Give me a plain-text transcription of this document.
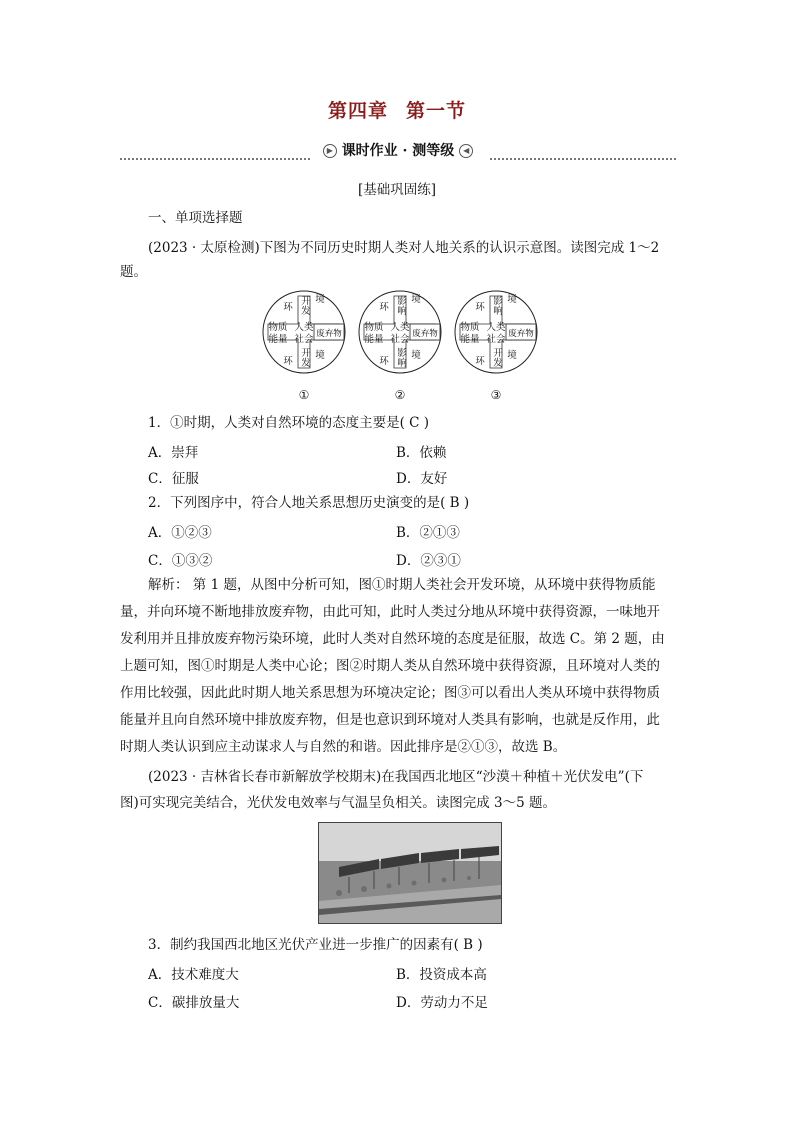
第四章 第一节
▶ 课时作业 · 测等级 ◀
[基础巩固练]
一、单项选择题
(2023 · 太原检测)下图为不同历史时期人类对人地关系的认识示意图。读图完成 1～2
题。
开
发
环
境
开
发
环
境
物质
能量
人类
社会 废弃物
①
影
响
环
境
影
响
环
境
物质
能量
人类
社会 废弃物
②
影
响
环
境
开
发
环
境
物质
能量
人类
社会 废弃物
③
1．①时期，人类对自然环境的态度主要是( C )
A．崇拜	B．依赖
C．征服	D．友好
2．下列图序中，符合人地关系思想历史演变的是( B )
A．①②③	B．②①③
C．①③②	D．②③①
解析： 第 1 题，从图中分析可知，图①时期人类社会开发环境，从环境中获得物质能
量，并向环境不断地排放废弃物，由此可知，此时人类过分地从环境中获得资源，一味地开
发利用并且排放废弃物污染环境，此时人类对自然环境的态度是征服，故选 C。第 2 题，由
上题可知，图①时期是人类中心论；图②时期人类从自然环境中获得资源，且环境对人类的
作用比较强，因此此时期人地关系思想为环境决定论；图③可以看出人类从环境中获得物质
能量并且向自然环境中排放废弃物，但是也意识到环境对人类具有影响，也就是反作用，此
时期人类认识到应主动谋求人与自然的和谐。因此排序是②①③，故选 B。
(2023 · 吉林省长春市新解放学校期末)在我国西北地区“沙漠＋种植＋光伏发电”(下
图)可实现完美结合，光伏发电效率与气温呈负相关。读图完成 3～5 题。
3．制约我国西北地区光伏产业进一步推广的因素有( B )
A．技术难度大	B．投资成本高
C．碳排放量大	D．劳动力不足
